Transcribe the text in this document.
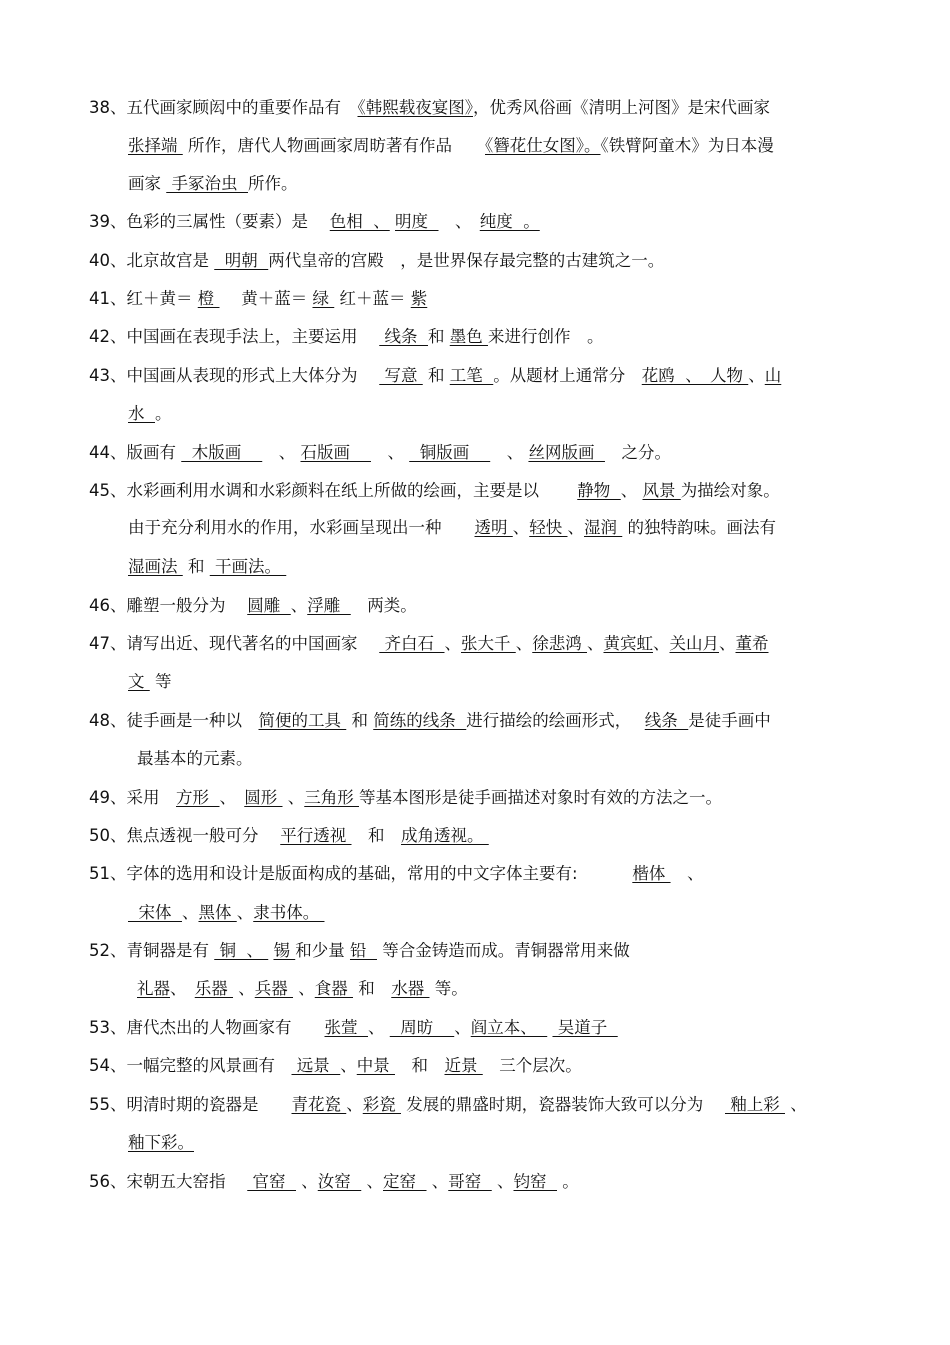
38、五代画家顾闳中的重要作品有　《韩熙载夜宴图》，优秀风俗画《清明上河图》是宋代画家
张择端  所作，唐代人物画画家周昉著有作品　　《簪花仕女图》。《铁臂阿童木》为日本漫
画家  手冢治虫  所作。
39、色彩的三属性（要素）是　 色相  、 明度  　、　纯度  。
40、北京故宫是   明朝  两代皇帝的宫殿　，是世界保存最完整的古建筑之一。
41、红＋黄＝ 橙 　 黄＋蓝＝ 绿  红＋蓝＝ 紫
42、中国画在表现手法上，主要运用　  线条  和 墨色 来进行创作　。
43、中国画从表现的形式上大体分为　  写意  和 工笔  。从题材上通常分　花鸥  、　人物 、山
水  。
44、版画有   木版画    　、 石版画    　、   铜版画    　、 丝网版画  　之分。
45、水彩画利用水调和水彩颜料在纸上所做的绘画，主要是以　　 静物  、 风景 为描绘对象。
由于充分利用水的作用，水彩画呈现出一种　　透明 、轻快 、湿润  的独特韵味。画法有
湿画法  和  干画法。
46、雕塑一般分为　 圆雕  、浮雕  　两类。
47、请写出近、现代著名的中国画家　  齐白石  、张大千 、徐悲鸿 、黄宾虹、关山月、董希
文  等
48、徒手画是一种以　简便的工具  和 简练的线条  进行描绘的绘画形式，　 线条  是徒手画中
最基本的元素。
49、采用　方形  、　圆形  、三角形 等基本图形是徒手画描述对象时有效的方法之一。
50、焦点透视一般可分　 平行透视 　和　成角透视。
51、字体的选用和设计是版面构成的基础，常用的中文字体主要有:　　　 楷体 　、
宋体  、黑体 、隶书体。
52、青铜器是有  铜  、  锡 和少量 铅   等合金铸造而成。青铜器常用来做
礼器、　乐器  、兵器  、食器  和　水器  等。
53、唐代杰出的人物画家有　　张萱  、   周昉    、阎立本、    吴道子
54、一幅完整的风景画有　 远景  、中景 　和　近景 　三个层次。
55、明清时期的瓷器是　　青花瓷 、彩瓷  发展的鼎盛时期，瓷器装饰大致可以分为　  釉上彩  、
釉下彩。
56、宋朝五大窑指　  官窑   、汝窑   、定窑   、哥窑   、钧窑   。
